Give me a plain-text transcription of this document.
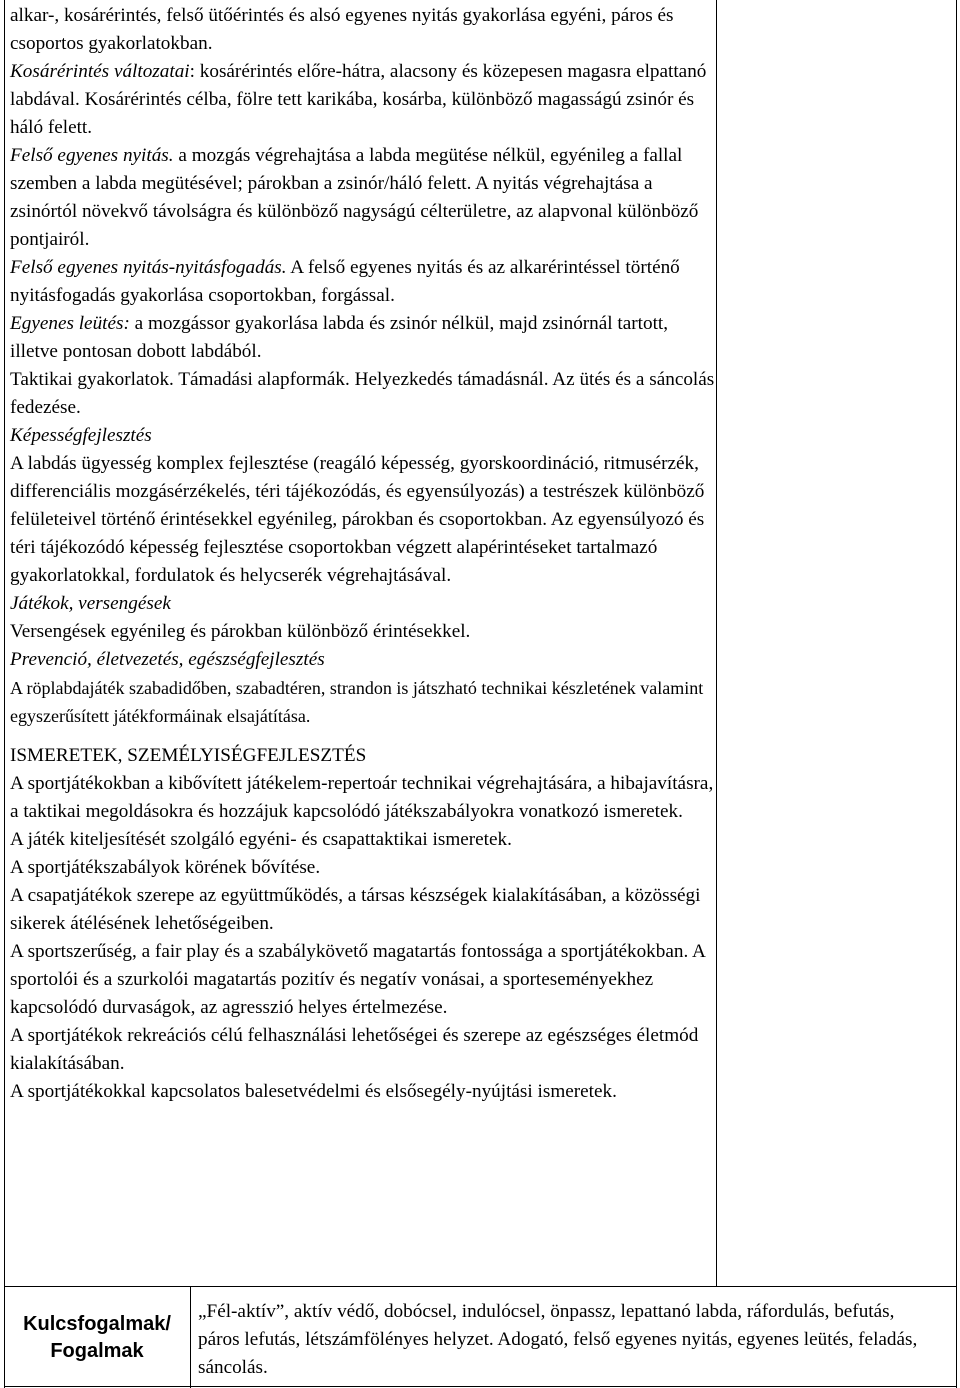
alkar-, kosárérintés, felső ütőérintés és alsó egyenes nyitás gyakorlása egyéni, páros és csoportos gyakorlatokban.

Kosárérintés változatai: kosárérintés előre-hátra, alacsony és közepesen magasra elpattanó labdával. Kosárérintés célba, fölre tett karikába, kosárba, különböző magasságú zsinór és háló felett.

Felső egyenes nyitás. a mozgás végrehajtása a labda megütése nélkül, egyénileg a fallal szemben a labda megütésével; párokban a zsinór/háló felett. A nyitás végrehajtása a zsinórtól növekvő távolságra és különböző nagyságú célterületre, az alapvonal különböző pontjairól.

Felső egyenes nyitás-nyitásfogadás. A felső egyenes nyitás és az alkarérintéssel történő nyitásfogadás gyakorlása csoportokban, forgással.

Egyenes leütés: a mozgássor gyakorlása labda és zsinór nélkül, majd zsinórnál tartott, illetve pontosan dobott labdából.

Taktikai gyakorlatok. Támadási alapformák. Helyezkedés támadásnál. Az ütés és a sáncolás fedezése.

Képességfejlesztés

A labdás ügyesség komplex fejlesztése (reagáló képesség, gyorskoordináció, ritmusérzék, differenciális mozgásérzékelés, téri tájékozódás, és egyensúlyozás) a testrészek különböző felületeivel történő érintésekkel egyénileg, párokban és csoportokban. Az egyensúlyozó és téri tájékozódó képesség fejlesztése csoportokban végzett alapérintéseket tartalmazó gyakorlatokkal, fordulatok és helycserék végrehajtásával.

Játékok, versengések

Versengések egyénileg és párokban különböző érintésekkel.

Prevenció, életvezetés, egészségfejlesztés

A röplabdajáték szabadidőben, szabadtéren, strandon is játszható technikai készletének valamint egyszerűsített játékformáinak elsajátítása.

ISMERETEK, SZEMÉLYISÉGFEJLESZTÉS

A sportjátékokban a kibővített játékelem-repertoár technikai végrehajtására, a hibajavításra, a taktikai megoldásokra és hozzájuk kapcsolódó játékszabályokra vonatkozó ismeretek.

A játék kiteljesítését szolgáló egyéni- és csapattaktikai ismeretek.

A sportjátékszabályok körének bővítése.

A csapatjátékok szerepe az együttműködés, a társas készségek kialakításában, a közösségi sikerek átélésének lehetőségeiben.

A sportszerűség, a fair play és a szabálykövető magatartás fontossága a sportjátékokban. A sportolói és a szurkolói magatartás pozitív és negatív vonásai, a sporteseményekhez kapcsolódó durvaságok, az agresszió helyes értelmezése.

A sportjátékok rekreációs célú felhasználási lehetőségei és szerepe az egészséges életmód kialakításában.

A sportjátékokkal kapcsolatos balesetvédelmi és elsősegély-nyújtási ismeretek.

Kulcsfogalmak/
Fogalmak
„Fél-aktív”, aktív védő, dobócsel, indulócsel, önpassz, lepattanó labda, ráfordulás, befutás, páros lefutás, létszámfölényes helyzet. Adogató, felső egyenes nyitás, egyenes leütés, feladás, sáncolás.
